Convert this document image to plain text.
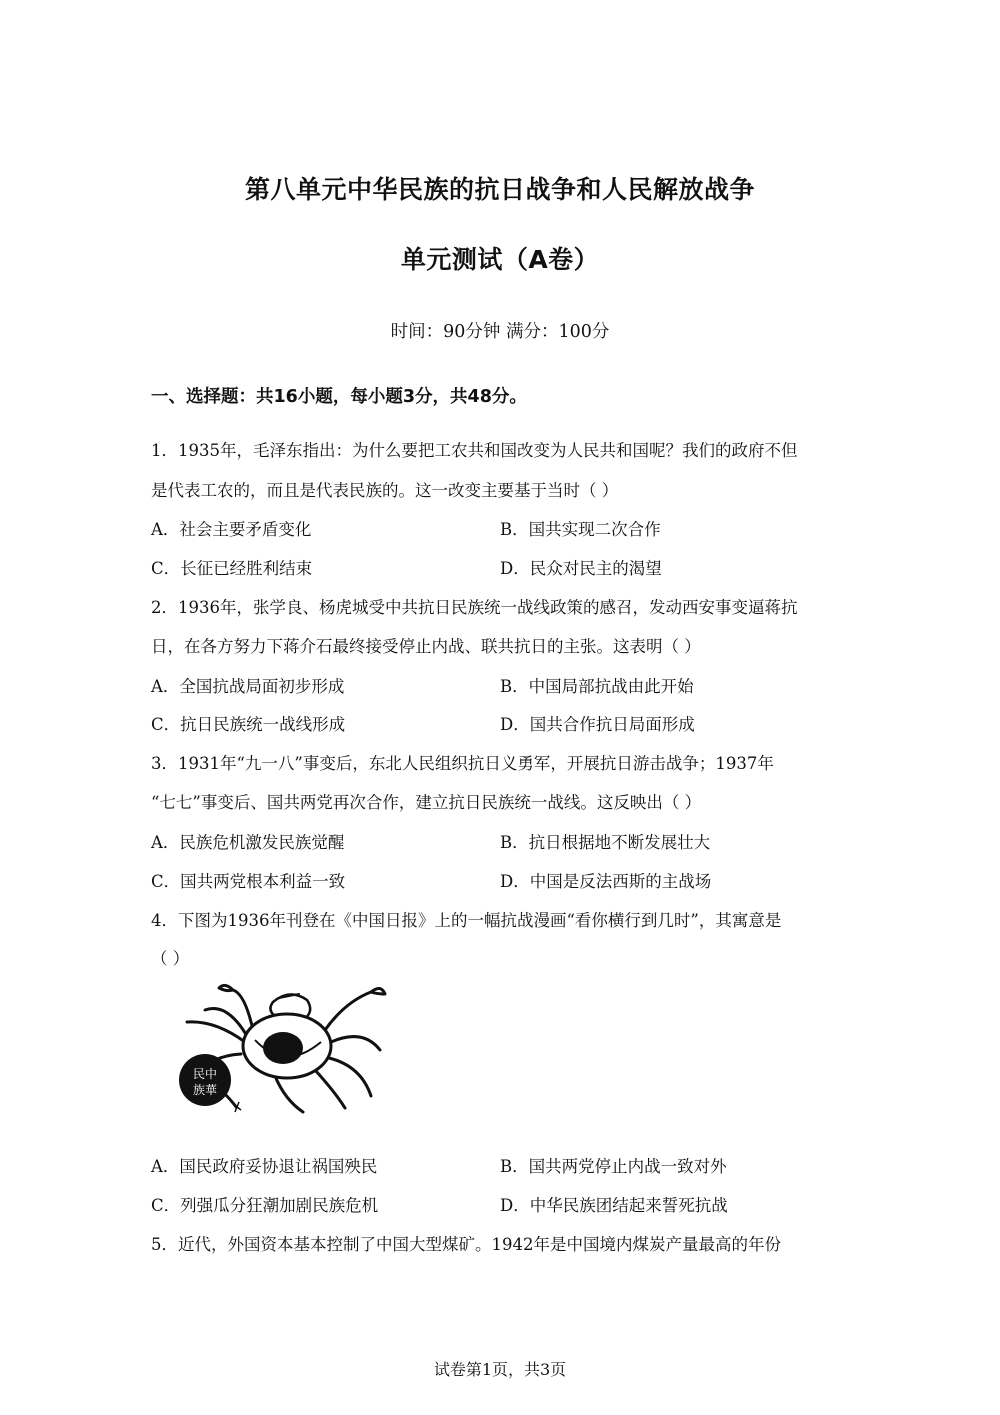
第八单元中华民族的抗日战争和人民解放战争
单元测试（A卷）
时间：90分钟 满分：100分
一、选择题：共16小题，每小题3分，共48分。
1．1935年，毛泽东指出：为什么要把工农共和国改变为人民共和国呢？我们的政府不但
是代表工农的，而且是代表民族的。这一改变主要基于当时（ ）
A．社会主要矛盾变化	B．国共实现二次合作
C．长征已经胜利结束	D．民众对民主的渴望
2．1936年，张学良、杨虎城受中共抗日民族统一战线政策的感召，发动西安事变逼蒋抗
日，在各方努力下蒋介石最终接受停止内战、联共抗日的主张。这表明（ ）
A．全国抗战局面初步形成	B．中国局部抗战由此开始
C．抗日民族统一战线形成	D．国共合作抗日局面形成
3．1931年“九一八”事变后，东北人民组织抗日义勇军，开展抗日游击战争；1937年
“七七”事变后、国共两党再次合作，建立抗日民族统一战线。这反映出（ ）
A．民族危机激发民族觉醒	B．抗日根据地不断发展壮大
C．国共两党根本利益一致	D．中国是反法西斯的主战场
4．下图为1936年刊登在《中国日报》上的一幅抗战漫画“看你横行到几时”，其寓意是
（ ）
民中
族華
A．国民政府妥协退让祸国殃民	B．国共两党停止内战一致对外
C．列强瓜分狂潮加剧民族危机	D．中华民族团结起来誓死抗战
5．近代，外国资本基本控制了中国大型煤矿。1942年是中国境内煤炭产量最高的年份
试卷第1页，共3页
